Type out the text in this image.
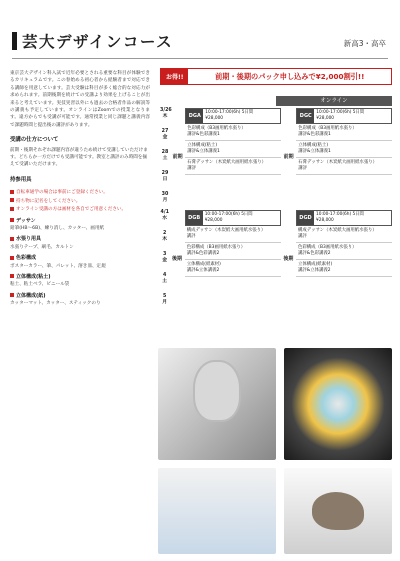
芸大デザインコース	新高3・高卒
東京芸大デザイン科入試で近年必要とされる重要な科目が体験できるカリキュラムです。この春始める初心者から経験者まで対応できる講師を用意しています。芸大受験は科目が多く総合的な対応力が求められます。前期後期を続けての受講より効果を上げることが出来ると考えています。実技実習以外にも過去の合格者作品の解説等の講義も予定しています。オンラインはZoomでの授業となります。遠方からでも受講が可能です。通常授業と同じ課題と講義内容で課題時間と提出後の講評があります。
受講の仕方について
前期・後期それぞれ課題内容が違うため続けて受講していただけます。どちらか一方だけでも受講可能です。教室と講評のみ時間を揃えて受講いただけます。
持参用具

自転車通学の場合は事前にご登録ください。

持ち物に記名をしてください。

オンライン受講の方は画材を各自でご用意ください。

デッサン
鉛筆(HB〜6B)、練り消し、カッター、画用紙
水張り用具
水張りテープ、刷毛、カルトン
色彩構成
ポスターカラー、筆、パレット、溶き皿、定規
立体構成(粘土)
粘土、粘土ベラ、ビニール袋
立体構成(紙)
カッターマット、カッター、スティックのり
お得!!	前期・後期のパック申し込みで¥2,000割引!!
オンライン
3/26 木
27 金
28 土
29 日
30 月
前期
DGA
10:00-17:00(6h) 5日間
¥28,000
色彩構成（B3画用紙水張り）
講評&色彩講義1
立体構成(粘土)
講評&立体講義1
石膏デッサン（木炭紙大画用紙水張り）
講評
前期
DGC
10:00-17:00(6h) 5日間
¥28,000
色彩構成（B3画用紙水張り）
講評&色彩講義1
立体構成(粘土)
講評&立体講義1
石膏デッサン（木炭紙大画用紙水張り）
講評
4/1 水
2 木
3 金
4 土
5 月
後期
DGB
10:00-17:00(6h) 5日間
¥28,000
構成デッサン（木炭紙大画用紙水張り）
講評
色彩構成（B3画用紙水張り）
講評&色彩講義2
立体構成(紙素材)
講評&立体講義2
後期
DGD
10:00-17:00(6h) 5日間
¥28,000
構成デッサン（木炭紙大画用紙水張り）
講評
色彩構成（B3画用紙水張り）
講評&色彩講義2
立体構成(紙素材)
講評&立体講義2
